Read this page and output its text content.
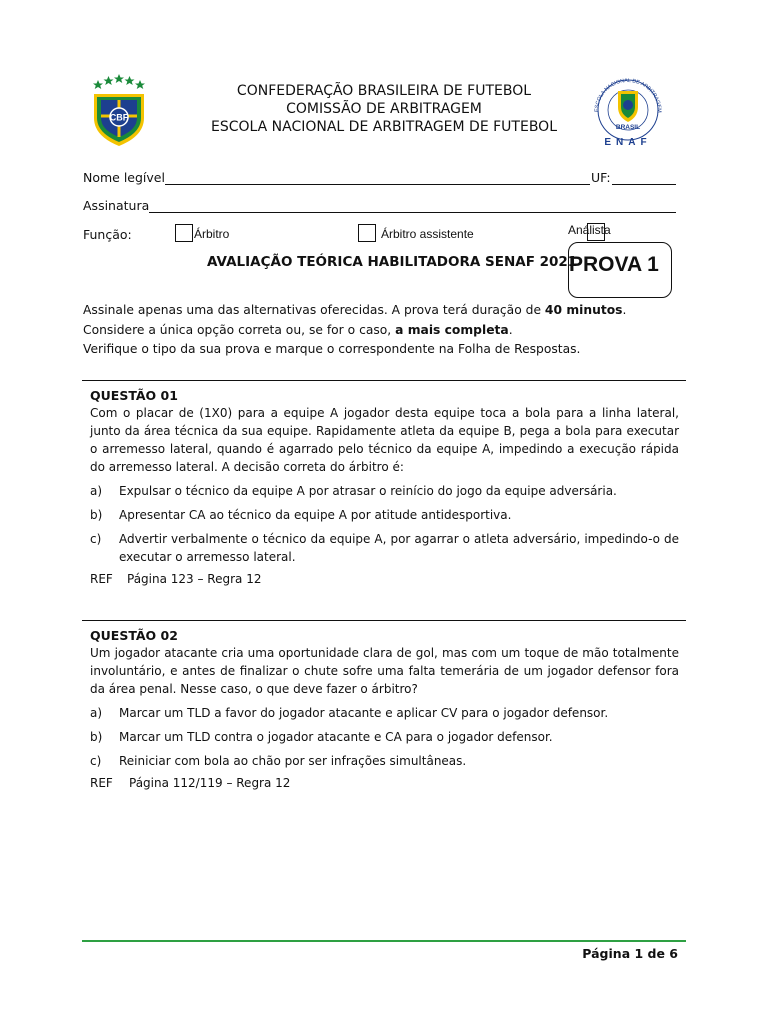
CBF
CONFEDERAÇÃO BRASILEIRA DE FUTEBOL
COMISSÃO DE ARBITRAGEM
ESCOLA NACIONAL DE ARBITRAGEM DE FUTEBOL
ESCOLA NACIONAL DE ARBITRAGEM
BRASIL
ENAF
Nome legível	UF:
Assinatura
Função:	Árbitro	Árbitro assistente	Análista
AVALIAÇÃO TEÓRICA HABILITADORA SENAF 2021
PROVA 1
Assinale apenas uma das alternativas oferecidas. A prova terá duração de 40 minutos.
Considere a única opção correta ou, se for o caso, a mais completa.
Verifique o tipo da sua prova e marque o correspondente na Folha de Respostas.
QUESTÃO 01
Com o placar de (1X0) para a equipe A jogador desta equipe toca a bola para a linha lateral, junto da área técnica da sua equipe. Rapidamente atleta da equipe B, pega a bola para executar o arremesso lateral, quando é agarrado pelo técnico da equipe A, impedindo a execução rápida do arremesso lateral. A decisão correta do árbitro é:
a)	Expulsar o técnico da equipe A por atrasar o reinício do jogo da equipe adversária.
b)	Apresentar CA ao técnico da equipe A por atitude antidesportiva.
c)	Advertir verbalmente o técnico da equipe A, por agarrar o atleta adversário, impedindo-o de executar o arremesso lateral.
REF Página 123 – Regra 12
QUESTÃO 02
Um jogador atacante cria uma oportunidade clara de gol, mas com um toque de mão totalmente involuntário, e antes de finalizar o chute sofre uma falta temerária de um jogador defensor fora da área penal. Nesse caso, o que deve fazer o árbitro?
a)	Marcar um TLD a favor do jogador atacante e aplicar CV para o jogador defensor.
b)	Marcar um TLD contra o jogador atacante e CA para o jogador defensor.
c)	Reiniciar com bola ao chão por ser infrações simultâneas.
REF Página 112/119 – Regra 12
Página 1 de 6
